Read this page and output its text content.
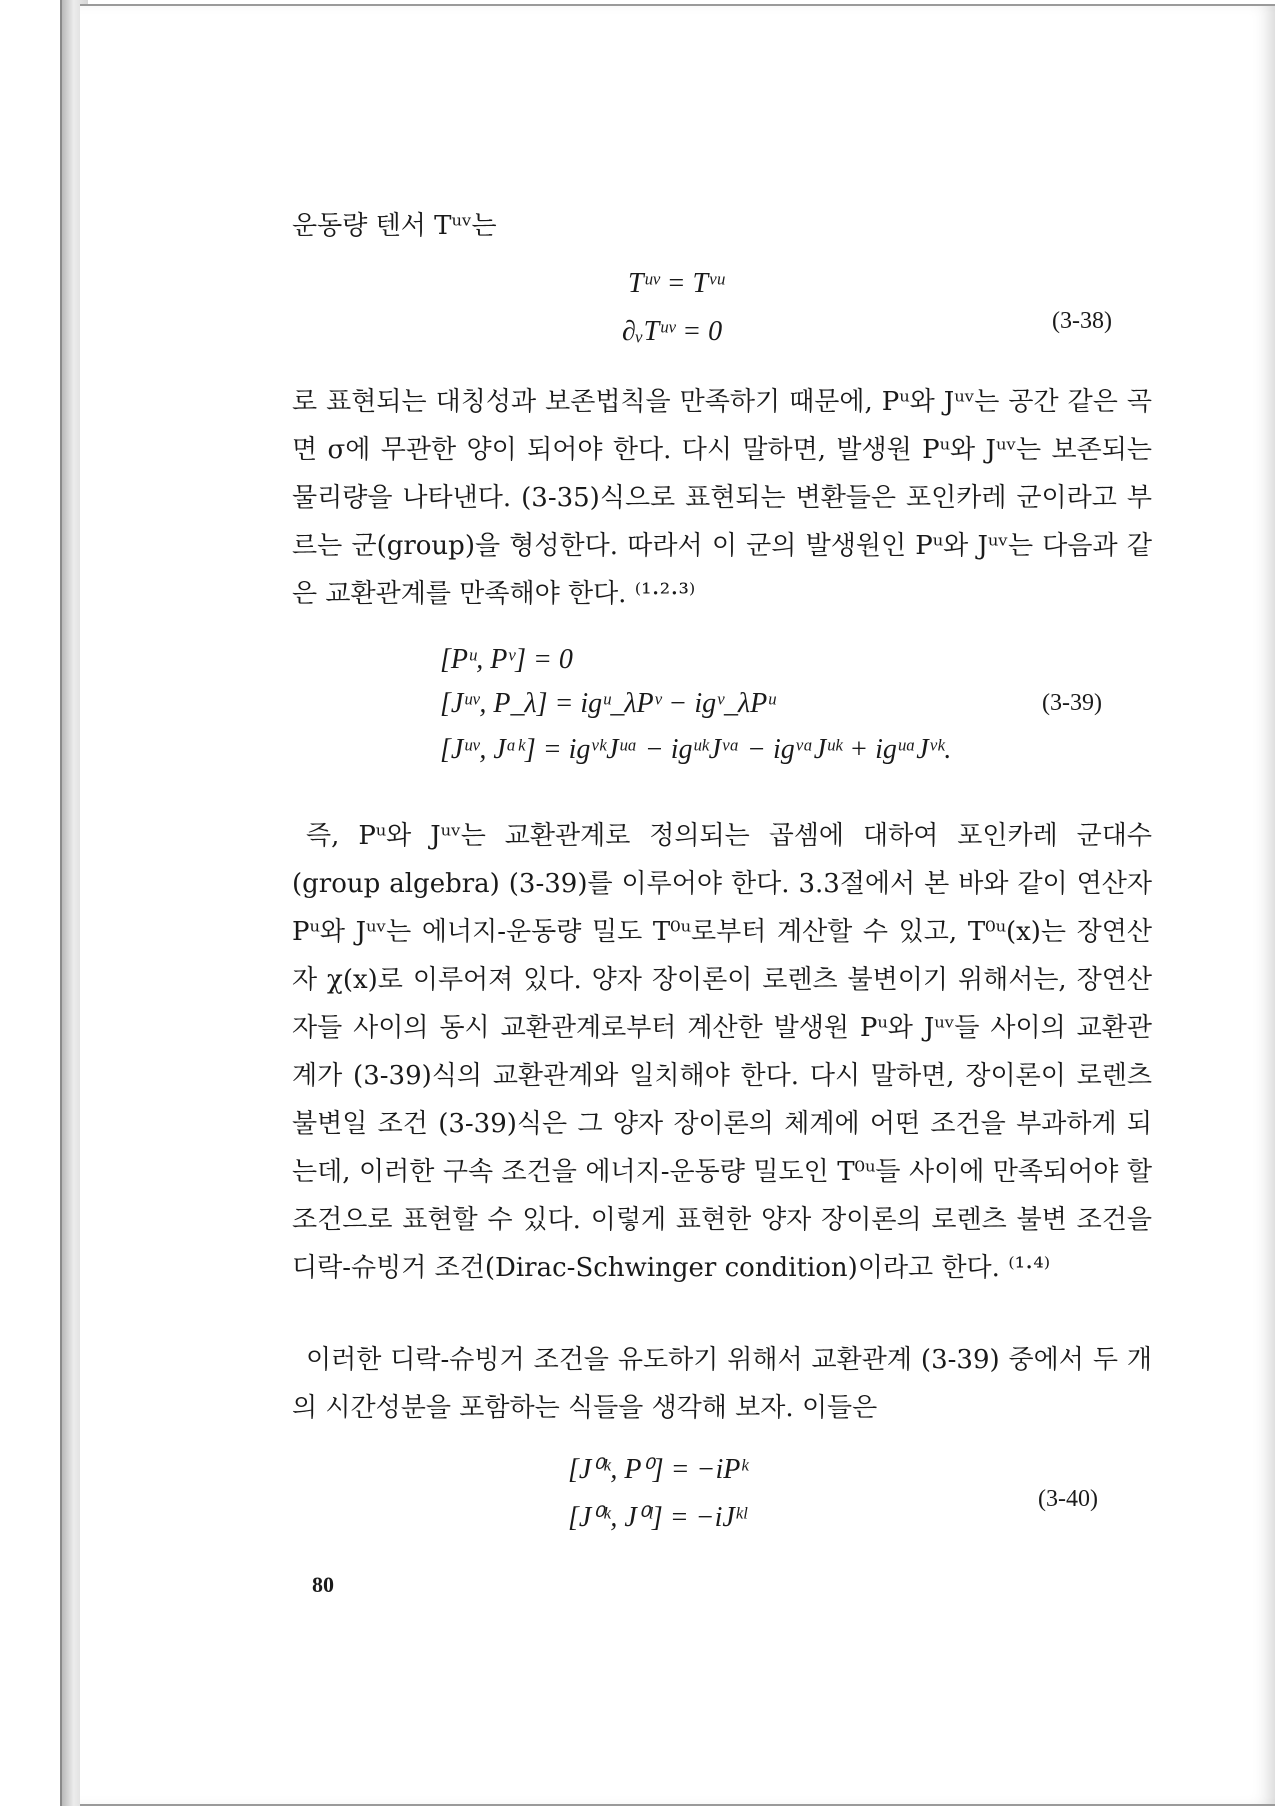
운동량 텐서 Tᵘᵛ는
Tᵘᵛ = Tᵛᵘ
∂ᵥTᵘᵛ = 0	(3-38)
로 표현되는 대칭성과 보존법칙을 만족하기 때문에, Pᵘ와 Jᵘᵛ는 공간 같은 곡면 σ에 무관한 양이 되어야 한다. 다시 말하면, 발생원 Pᵘ와 Jᵘᵛ는 보존되는 물리량을 나타낸다. (3-35)식으로 표현되는 변환들은 포인카레 군이라고 부르는 군(group)을 형성한다. 따라서 이 군의 발생원인 Pᵘ와 Jᵘᵛ는 다음과 같은 교환관계를 만족해야 한다. ⁽¹·²·³⁾
[Pᵘ, Pᵛ] = 0
[Jᵘᵛ, P_λ] = igᵘ_λPᵛ − igᵛ_λPᵘ
[Jᵘᵛ, Jᵅᵏ] = igᵛᵏJᵘᵅ − igᵘᵏJᵛᵅ − igᵛᵅJᵘᵏ + igᵘᵅJᵛᵏ.
(3-39)
즉, Pᵘ와 Jᵘᵛ는 교환관계로 정의되는 곱셈에 대하여 포인카레 군대수 (group algebra) (3-39)를 이루어야 한다. 3.3절에서 본 바와 같이 연산자 Pᵘ와 Jᵘᵛ는 에너지-운동량 밀도 T⁰ᵘ로부터 계산할 수 있고, T⁰ᵘ(x)는 장연산자 χ(x)로 이루어져 있다. 양자 장이론이 로렌츠 불변이기 위해서는, 장연산자들 사이의 동시 교환관계로부터 계산한 발생원 Pᵘ와 Jᵘᵛ들 사이의 교환관계가 (3-39)식의 교환관계와 일치해야 한다. 다시 말하면, 장이론이 로렌츠 불변일 조건 (3-39)식은 그 양자 장이론의 체계에 어떤 조건을 부과하게 되는데, 이러한 구속 조건을 에너지-운동량 밀도인 T⁰ᵘ들 사이에 만족되어야 할 조건으로 표현할 수 있다. 이렇게 표현한 양자 장이론의 로렌츠 불변 조건을 디락-슈빙거 조건(Dirac-Schwinger condition)이라고 한다. ⁽¹·⁴⁾
이러한 디락-슈빙거 조건을 유도하기 위해서 교환관계 (3-39) 중에서 두 개의 시간성분을 포함하는 식들을 생각해 보자. 이들은
[J⁰ᵏ, P⁰] = −iPᵏ
[J⁰ᵏ, J⁰ˡ] = −iJᵏˡ
(3-40)
80
